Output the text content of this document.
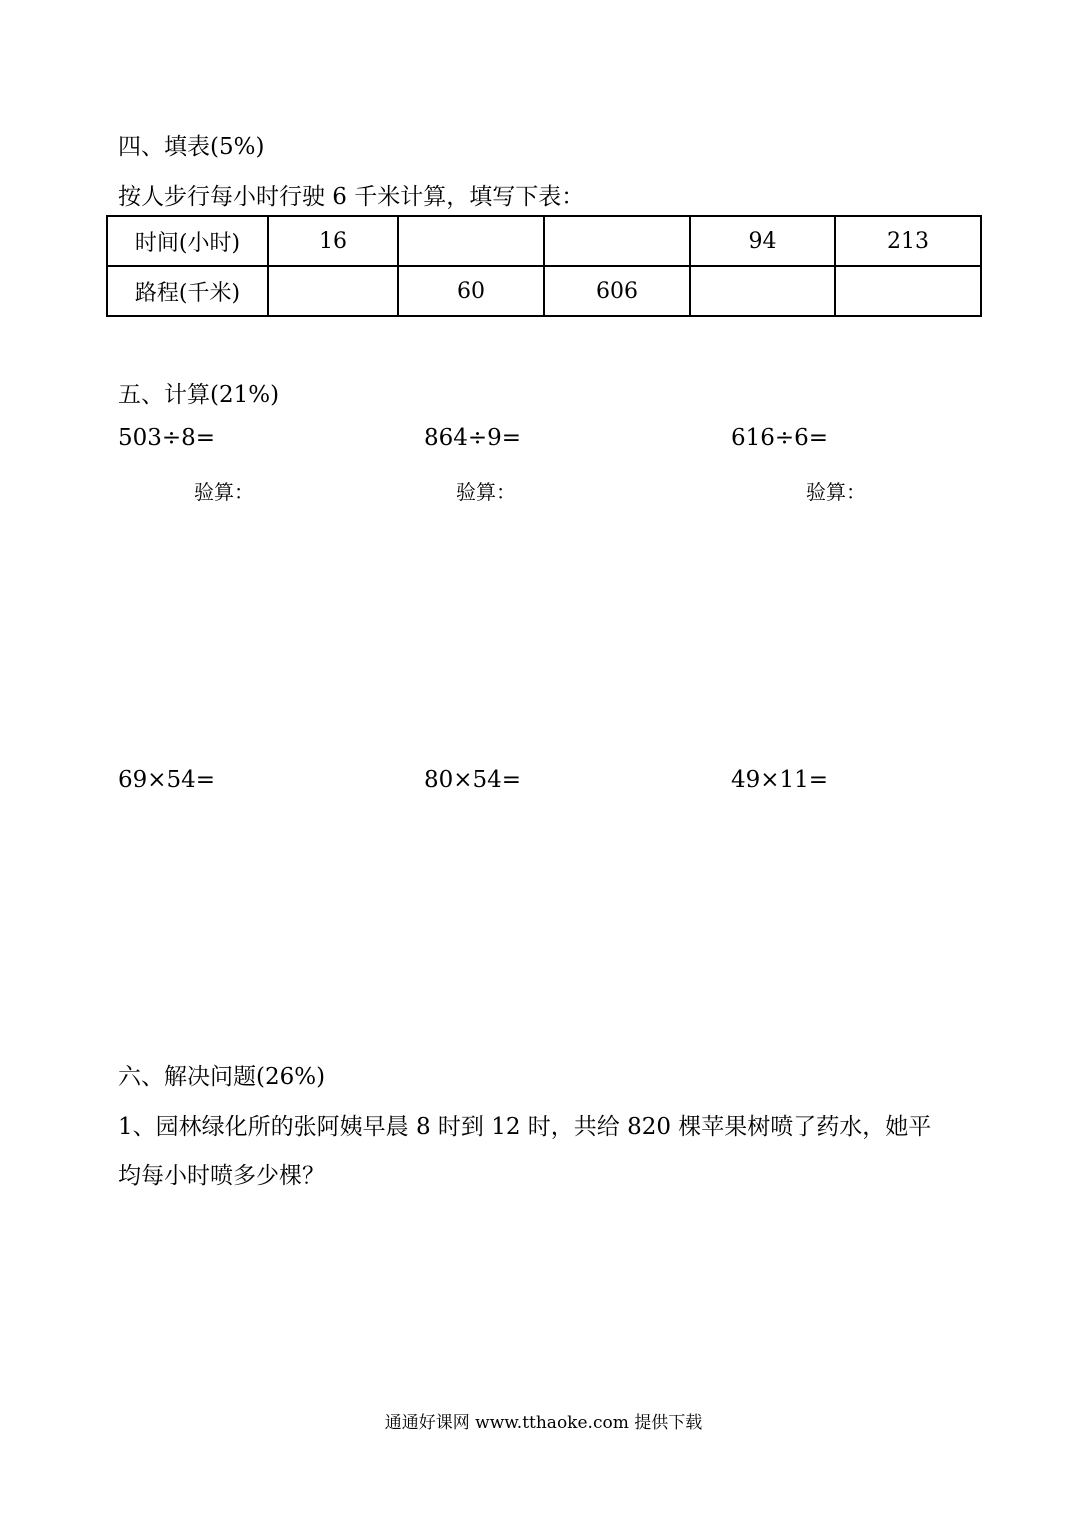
四、填表(5%)
按人步行每小时行驶 6 千米计算，填写下表：
时间(小时)	16			94	213
路程(千米)		60	606		
五、计算(21%)
503÷8=	864÷9=	616÷6=
验算：	验算：	验算：
69×54=	80×54=	49×11=
六、解决问题(26%)
1、园林绿化所的张阿姨早晨 8 时到 12 时，共给 820 棵苹果树喷了药水，她平
均每小时喷多少棵？
通通好课网 www.tthaoke.com 提供下载
